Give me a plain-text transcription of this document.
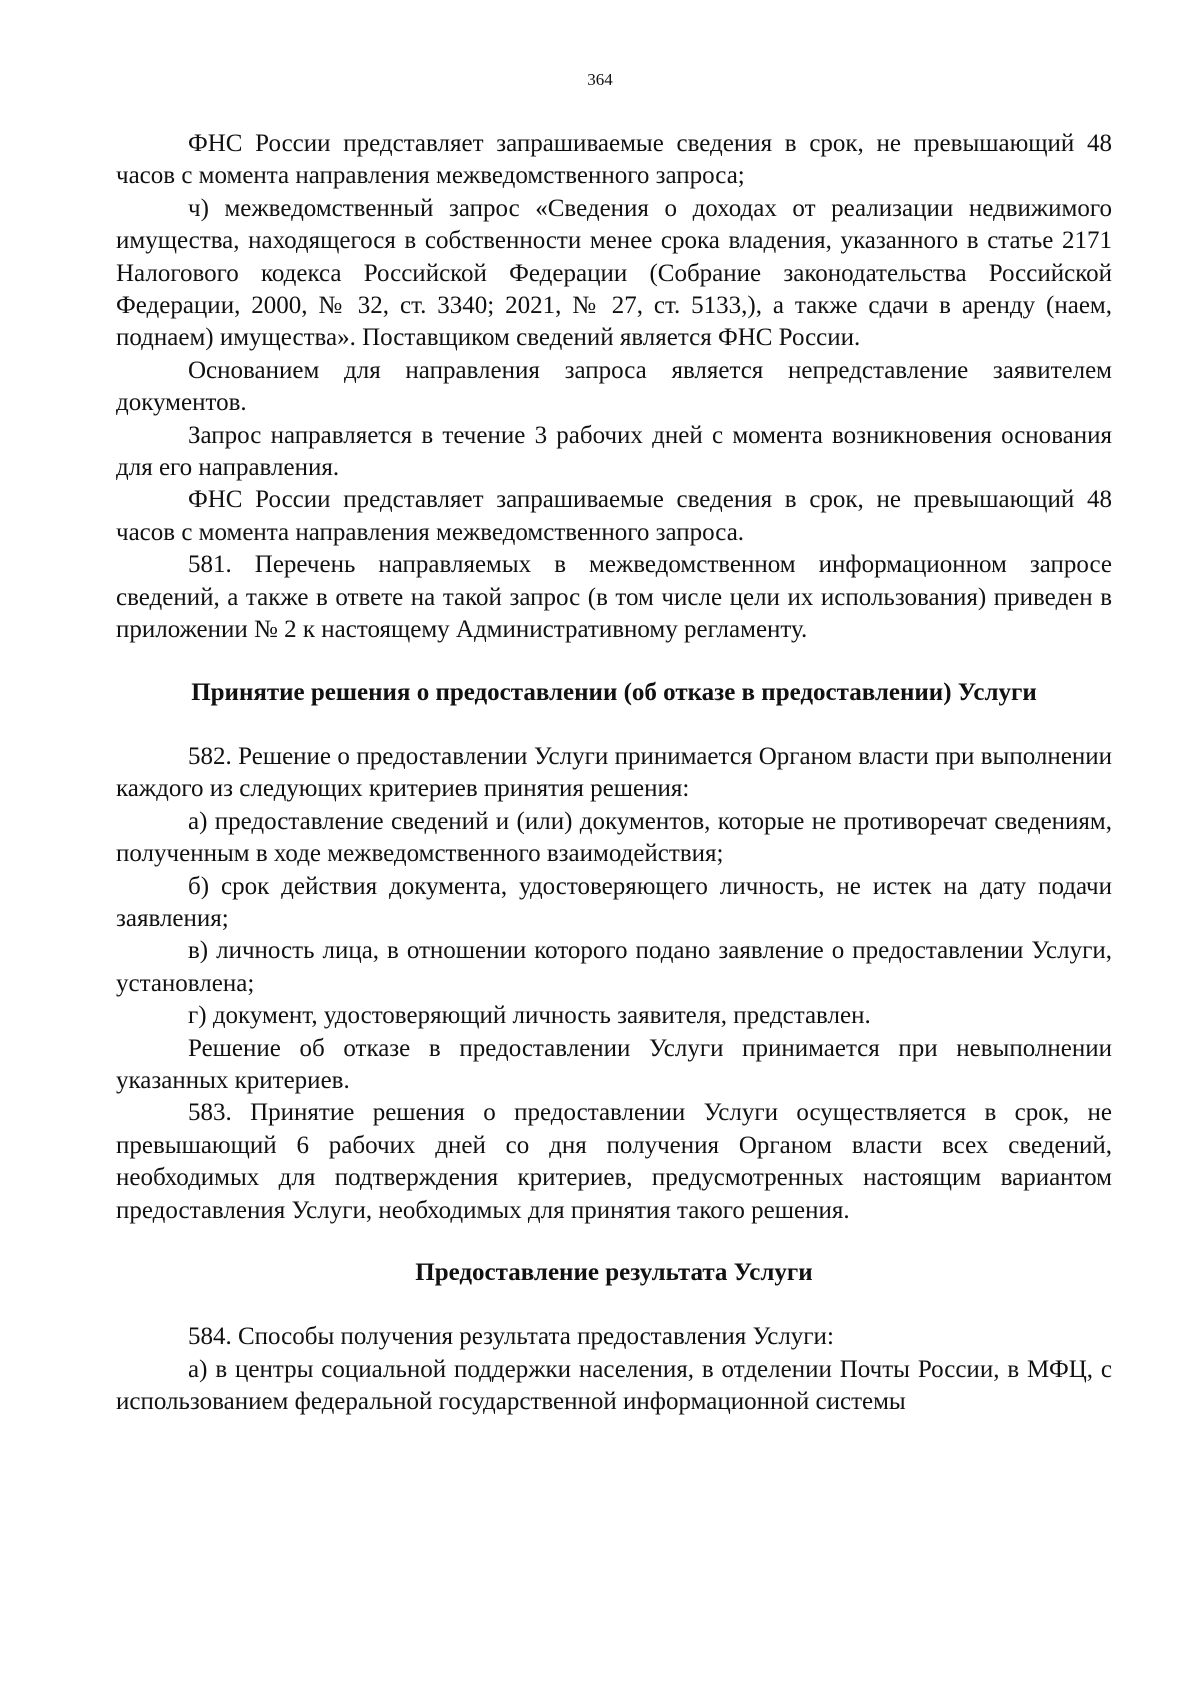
364

ФНС России представляет запрашиваемые сведения в срок, не превышающий 48 часов с момента направления межведомственного запроса;

ч) межведомственный запрос «Сведения о доходах от реализации недвижимого имущества, находящегося в собственности менее срока владения, указанного в статье 2171 Налогового кодекса Российской Федерации (Собрание законодательства Российской Федерации, 2000, № 32, ст. 3340; 2021, № 27, ст. 5133,), а также сдачи в аренду (наем, поднаем) имущества». Поставщиком сведений является ФНС России.

Основанием для направления запроса является непредставление заявителем документов.

Запрос направляется в течение 3 рабочих дней с момента возникновения основания для его направления.

ФНС России представляет запрашиваемые сведения в срок, не превышающий 48 часов с момента направления межведомственного запроса.

581. Перечень направляемых в межведомственном информационном запросе сведений, а также в ответе на такой запрос (в том числе цели их использования) приведен в приложении № 2 к настоящему Административному регламенту.

Принятие решения о предоставлении (об отказе в предоставлении) Услуги

582. Решение о предоставлении Услуги принимается Органом власти при выполнении каждого из следующих критериев принятия решения:

а) предоставление сведений и (или) документов, которые не противоречат сведениям, полученным в ходе межведомственного взаимодействия;

б) срок действия документа, удостоверяющего личность, не истек на дату подачи заявления;

в) личность лица, в отношении которого подано заявление о предоставлении Услуги, установлена;

г) документ, удостоверяющий личность заявителя, представлен.

Решение об отказе в предоставлении Услуги принимается при невыполнении указанных критериев.

583. Принятие решения о предоставлении Услуги осуществляется в срок, не превышающий 6 рабочих дней со дня получения Органом власти всех сведений, необходимых для подтверждения критериев, предусмотренных настоящим вариантом предоставления Услуги, необходимых для принятия такого решения.

Предоставление результата Услуги

584. Способы получения результата предоставления Услуги:

а) в центры социальной поддержки населения, в отделении Почты России, в МФЦ, с использованием федеральной государственной информационной системы
